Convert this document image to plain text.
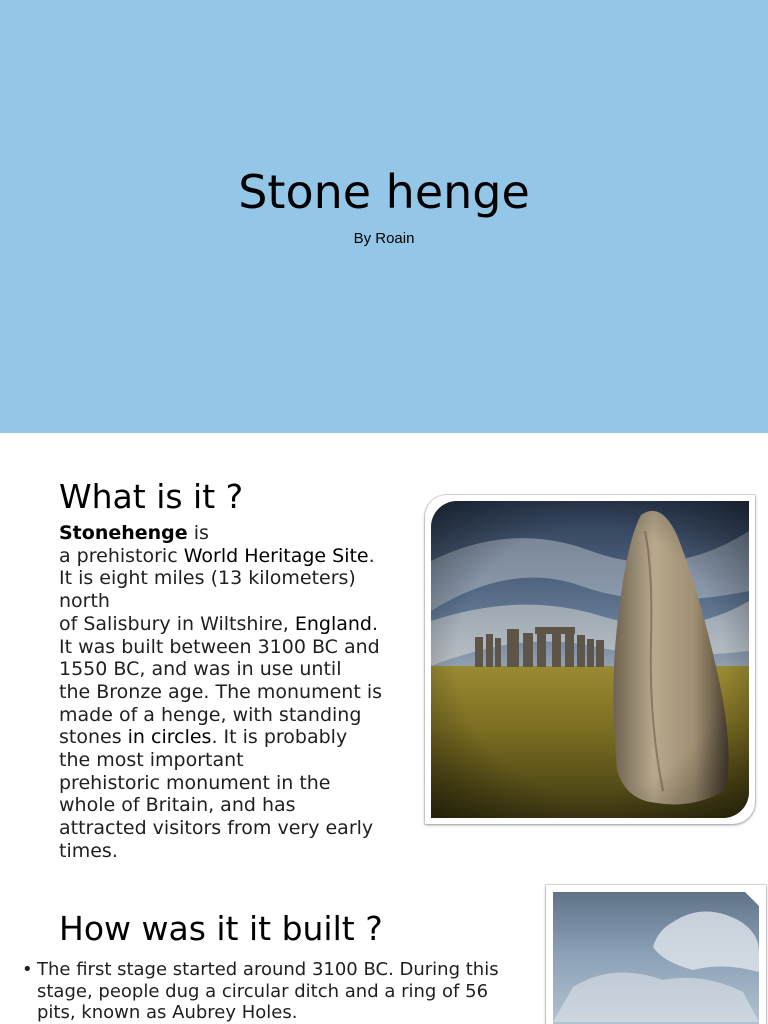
Stone henge
By Roain
What is it ?
Stonehenge is
a prehistoric World Heritage Site.
It is eight miles (13 kilometers)
north
of Salisbury in Wiltshire, England.
It was built between 3100 BC and
1550 BC, and was in use until
the Bronze age. The monument is
made of a henge, with standing
stones in circles. It is probably
the most important
prehistoric monument in the
whole of Britain, and has
attracted visitors from very early
times.
How was it it built ?
• The first stage started around 3100 BC. During this
stage, people dug a circular ditch and a ring of 56
pits, known as Aubrey Holes.
